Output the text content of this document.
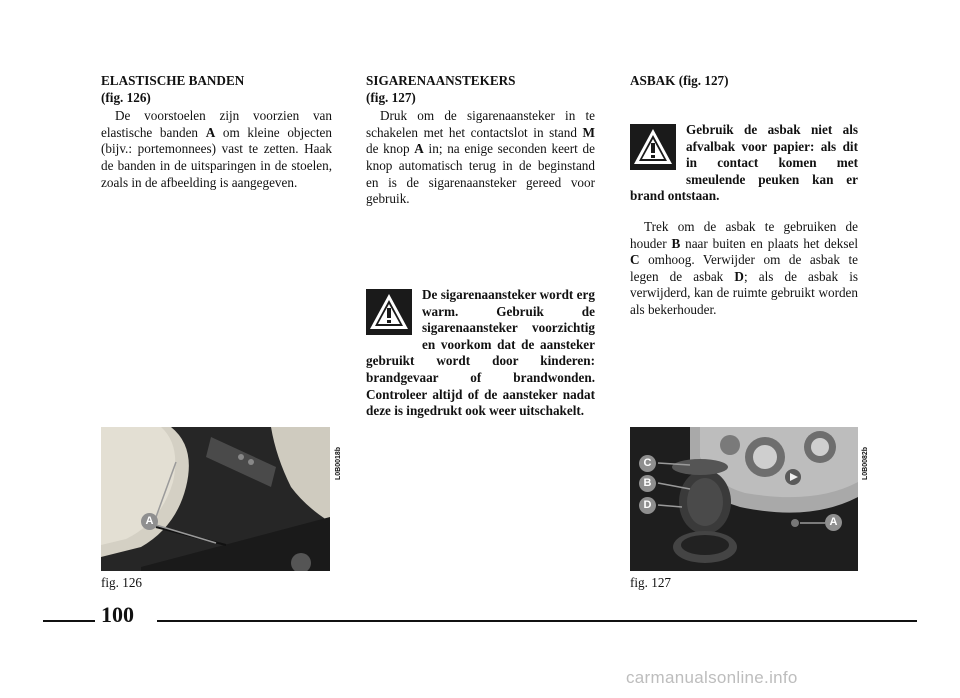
ELASTISCHE BANDEN

(fig. 126)

De voorstoelen zijn voorzien van elastische banden A om kleine objecten (bijv.: portemonnees) vast te zetten. Haak de banden in de uitsparingen in de stoelen, zoals in de afbeelding is aangegeven.

SIGARENAANSTEKERS

(fig. 127)

Druk om de sigarenaansteker in te schakelen met het contactslot in stand M de knop A in; na enige seconden keert de knop automatisch terug in de beginstand en is de sigarenaansteker gereed voor gebruik.

De sigarenaansteker wordt erg warm. Gebruik de sigarenaansteker voorzichtig en voorkom dat de aansteker gebruikt wordt door kinderen: brandgevaar of brandwonden. Controleer altijd of de aansteker nadat deze is ingedrukt ook weer uitschakelt.

ASBAK (fig. 127)

Gebruik de asbak niet als afvalbak voor papier: als dit in contact komen met smeulende peuken kan er brand ontstaan.

Trek om de asbak te gebruiken de houder B naar buiten en plaats het deksel C omhoog. Verwijder om de asbak te legen de asbak D; als de asbak is verwijderd, kan de ruimte gebruikt worden als bekerhouder.

A
L0B0018b
fig. 126
C
B
D
A
L0B0082b
fig. 127
100
carmanualsonline.info
